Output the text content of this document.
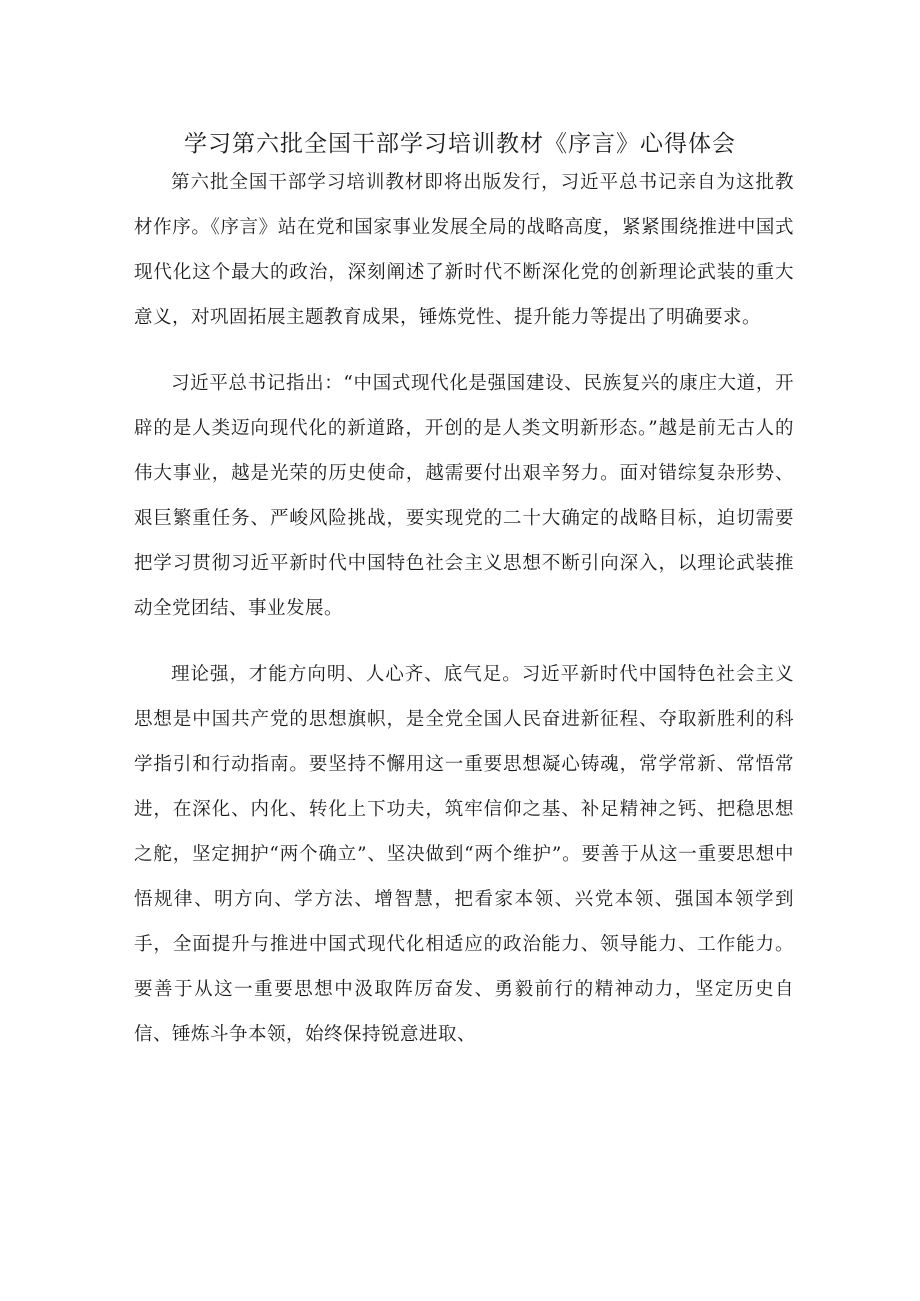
学习第六批全国干部学习培训教材《序言》心得体会

第六批全国干部学习培训教材即将出版发行，习近平总书记亲自为这批教材作序。《序言》站在党和国家事业发展全局的战略高度，紧紧围绕推进中国式现代化这个最大的政治，深刻阐述了新时代不断深化党的创新理论武装的重大意义，对巩固拓展主题教育成果，锤炼党性、提升能力等提出了明确要求。

习近平总书记指出：“中国式现代化是强国建设、民族复兴的康庄大道，开辟的是人类迈向现代化的新道路，开创的是人类文明新形态。”越是前无古人的伟大事业，越是光荣的历史使命，越需要付出艰辛努力。面对错综复杂形势、艰巨繁重任务、严峻风险挑战，要实现党的二十大确定的战略目标，迫切需要把学习贯彻习近平新时代中国特色社会主义思想不断引向深入，以理论武装推动全党团结、事业发展。

理论强，才能方向明、人心齐、底气足。习近平新时代中国特色社会主义思想是中国共产党的思想旗帜，是全党全国人民奋进新征程、夺取新胜利的科学指引和行动指南。要坚持不懈用这一重要思想凝心铸魂，常学常新、常悟常进，在深化、内化、转化上下功夫，筑牢信仰之基、补足精神之钙、把稳思想之舵，坚定拥护“两个确立”、坚决做到“两个维护”。要善于从这一重要思想中悟规律、明方向、学方法、增智慧，把看家本领、兴党本领、强国本领学到手，全面提升与推进中国式现代化相适应的政治能力、领导能力、工作能力。要善于从这一重要思想中汲取阵厉奋发、勇毅前行的精神动力，坚定历史自信、锤炼斗争本领，始终保持锐意进取、
